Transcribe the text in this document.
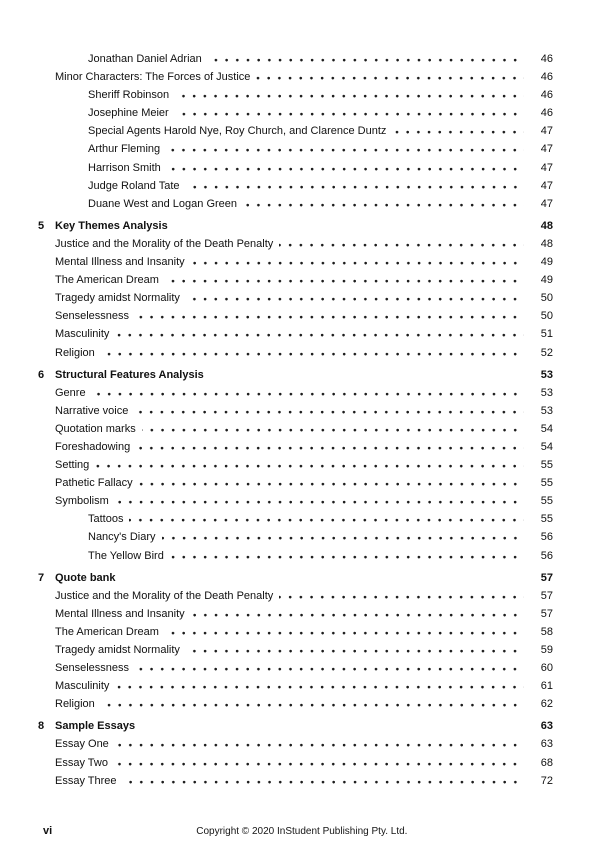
Jonathan Daniel Adrian	46
Minor Characters: The Forces of Justice	46
Sheriff Robinson	46
Josephine Meier	46
Special Agents Harold Nye, Roy Church, and Clarence Duntz	47
Arthur Fleming	47
Harrison Smith	47
Judge Roland Tate	47
Duane West and Logan Green	47
5 Key Themes Analysis	48
Justice and the Morality of the Death Penalty	48
Mental Illness and Insanity	49
The American Dream	49
Tragedy amidst Normality	50
Senselessness	50
Masculinity	51
Religion	52
6 Structural Features Analysis	53
Genre	53
Narrative voice	53
Quotation marks	54
Foreshadowing	54
Setting	55
Pathetic Fallacy	55
Symbolism	55
Tattoos	55
Nancy's Diary	56
The Yellow Bird	56
7 Quote bank	57
Justice and the Morality of the Death Penalty	57
Mental Illness and Insanity	57
The American Dream	58
Tragedy amidst Normality	59
Senselessness	60
Masculinity	61
Religion	62
8 Sample Essays	63
Essay One	63
Essay Two	68
Essay Three	72
vi	Copyright © 2020 InStudent Publishing Pty. Ltd.
